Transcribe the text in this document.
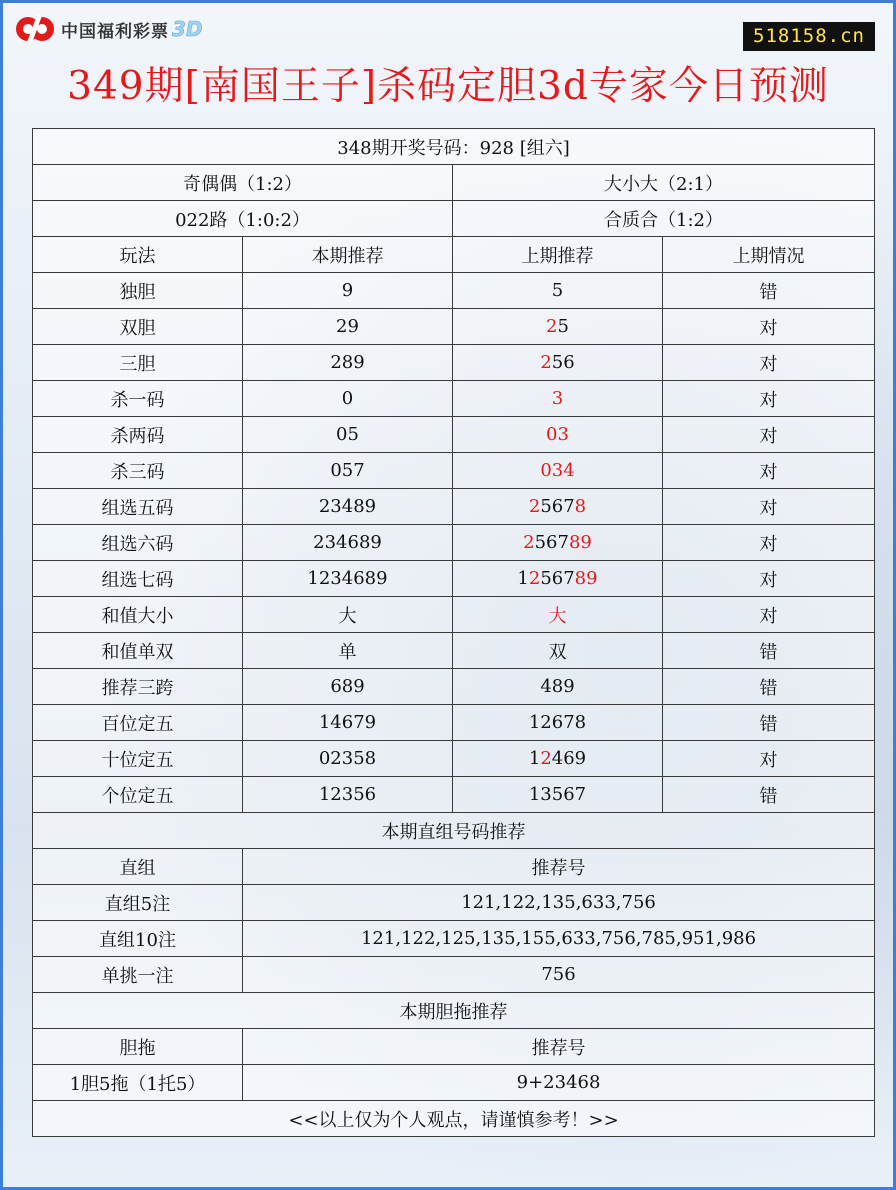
中国福利彩票 3D	518158.cn
349期[南国王子]杀码定胆3d专家今日预测
348期开奖号码：928 [组六]			
奇偶偶（1:2）		大小大（2:1）	
022路（1:0:2）		合质合（1:2）	
玩法	本期推荐	上期推荐	上期情况
独胆	9	5	错
双胆	29	25	对
三胆	289	256	对
杀一码	0	3	对
杀两码	05	03	对
杀三码	057	034	对
组选五码	23489	25678	对
组选六码	234689	256789	对
组选七码	1234689	1256789	对
和值大小	大	大	对
和值单双	单	双	错
推荐三跨	689	489	错
百位定五	14679	12678	错
十位定五	02358	12469	对
个位定五	12356	13567	错
本期直组号码推荐			
直组	推荐号		
直组5注	121,122,135,633,756		
直组10注	121,122,125,135,155,633,756,785,951,986		
单挑一注	756		
本期胆拖推荐			
胆拖	推荐号		
1胆5拖（1托5）	9+23468		
<<以上仅为个人观点，请谨慎参考！>>			
